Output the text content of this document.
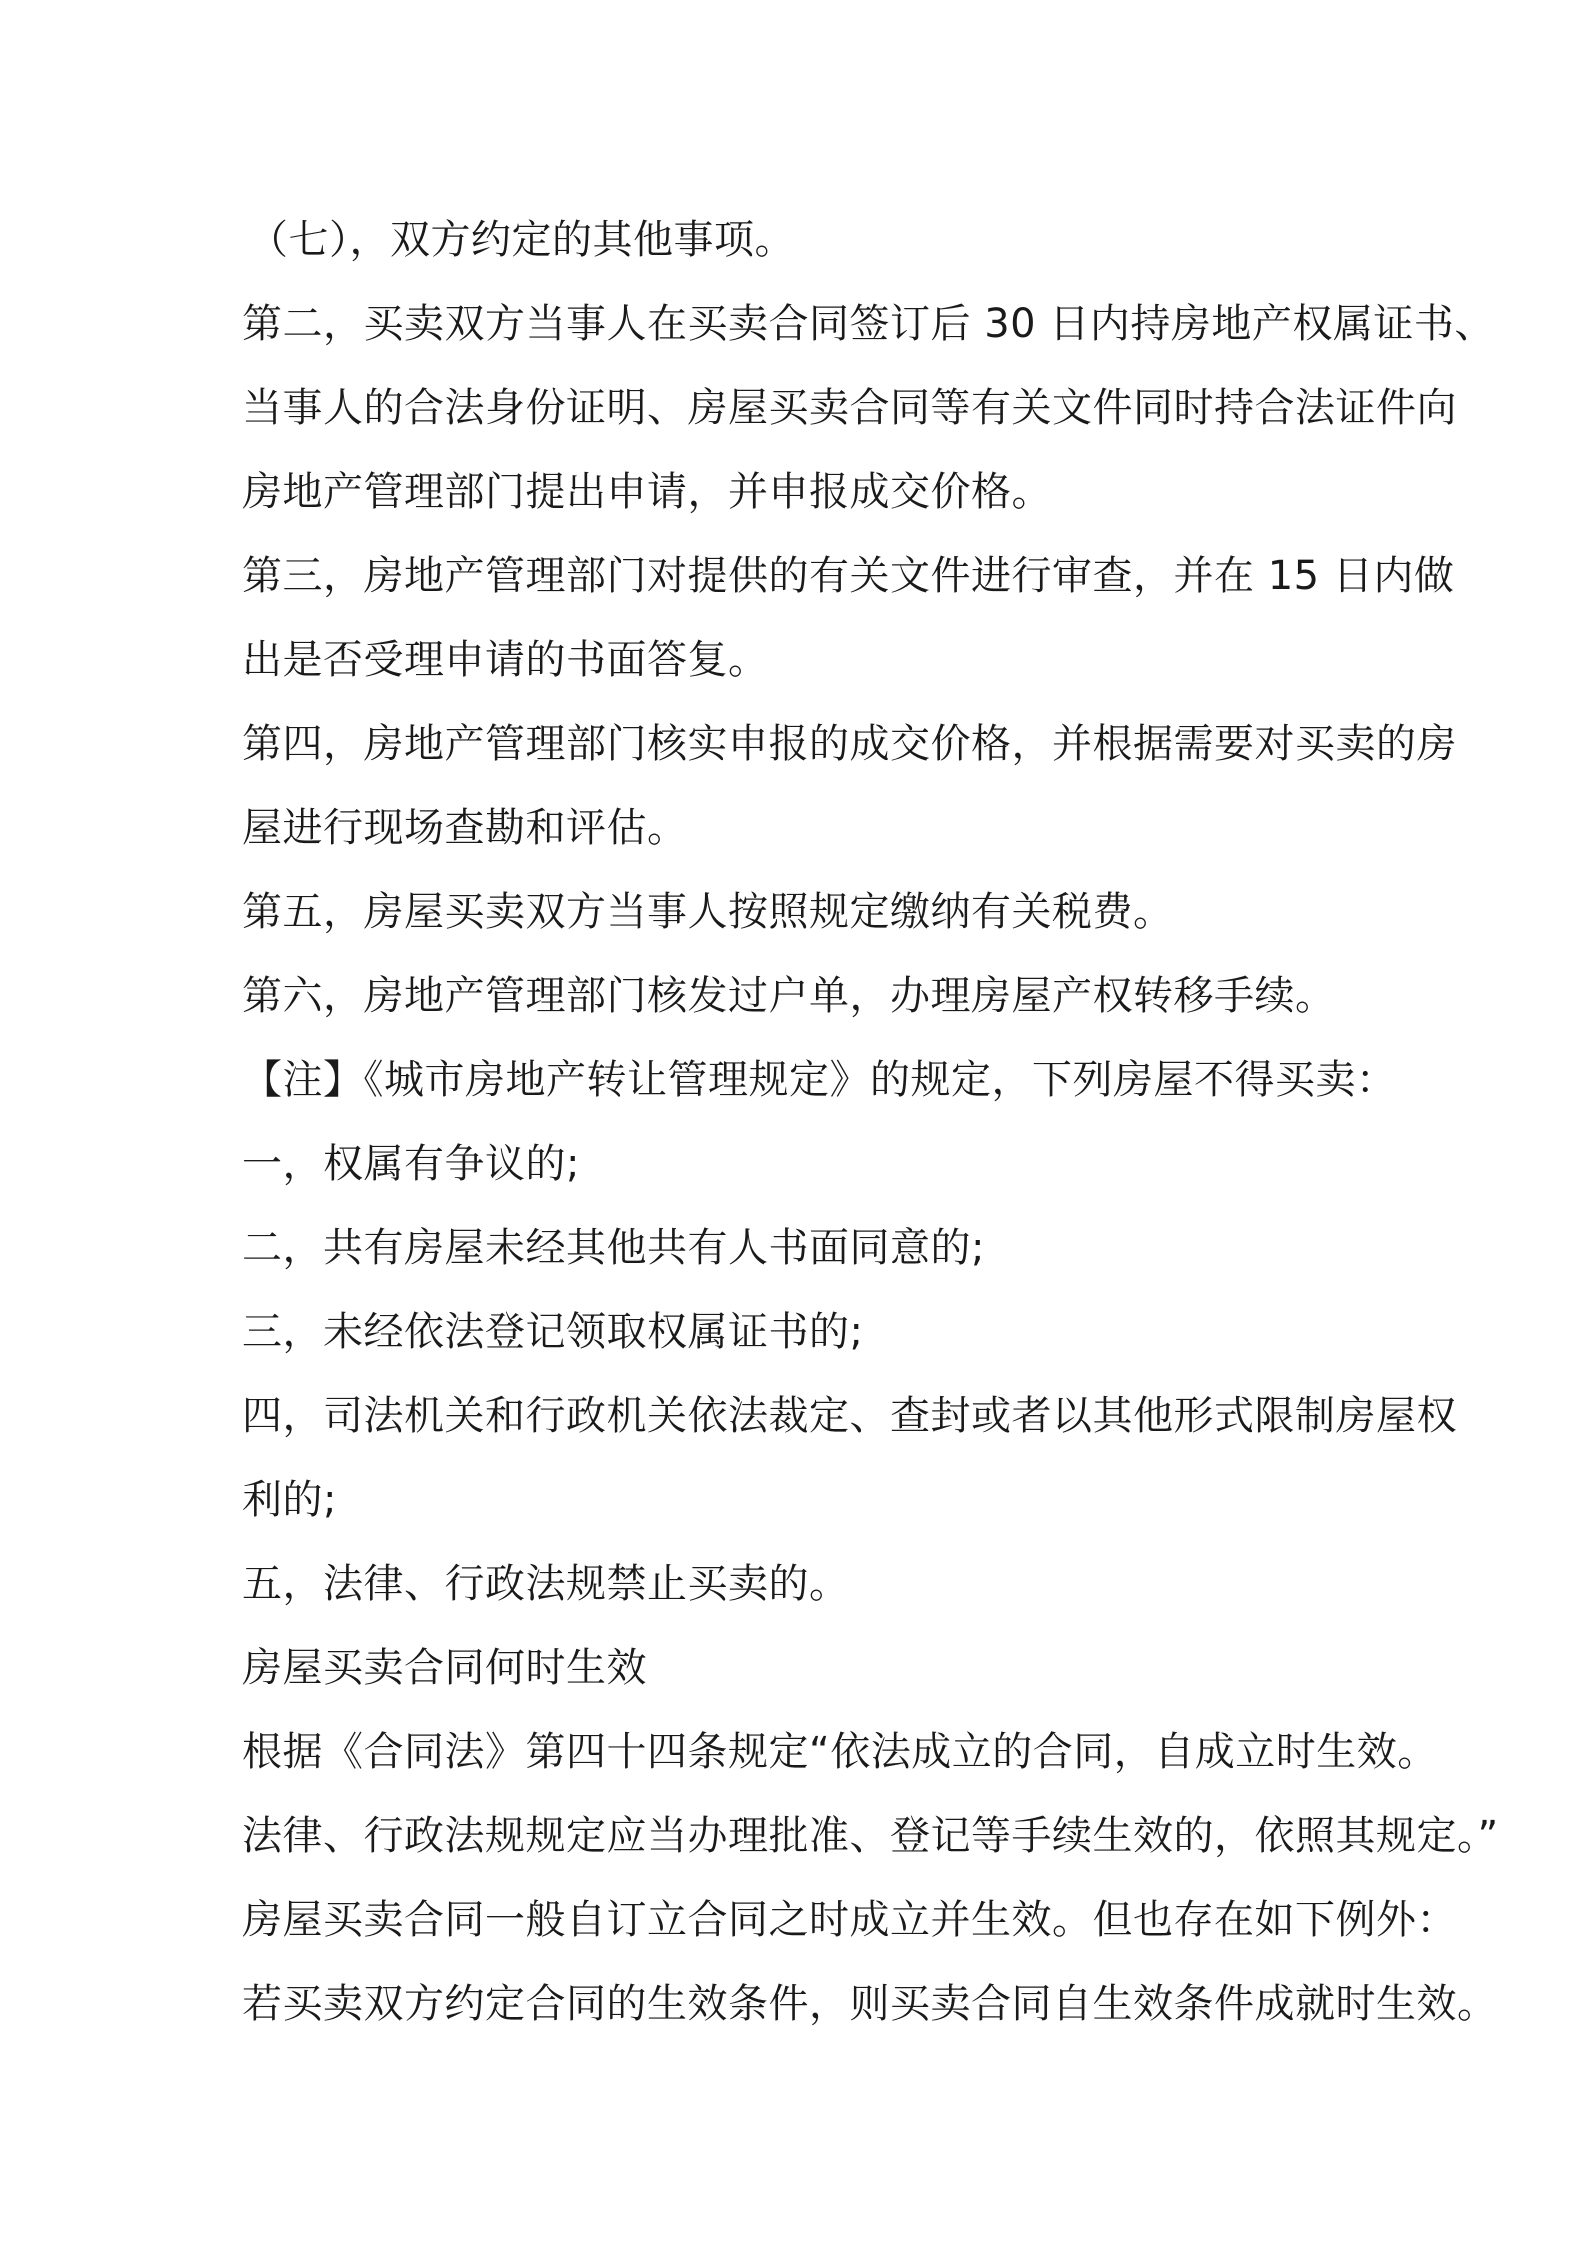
（七），双方约定的其他事项。
第二，买卖双方当事人在买卖合同签订后 30 日内持房地产权属证书、
当事人的合法身份证明、房屋买卖合同等有关文件同时持合法证件向
房地产管理部门提出申请，并申报成交价格。
第三，房地产管理部门对提供的有关文件进行审查，并在 15 日内做
出是否受理申请的书面答复。
第四，房地产管理部门核实申报的成交价格，并根据需要对买卖的房
屋进行现场查勘和评估。
第五，房屋买卖双方当事人按照规定缴纳有关税费。
第六，房地产管理部门核发过户单，办理房屋产权转移手续。
【注】《城市房地产转让管理规定》的规定，下列房屋不得买卖：
一，权属有争议的;
二，共有房屋未经其他共有人书面同意的;
三，未经依法登记领取权属证书的;
四，司法机关和行政机关依法裁定、查封或者以其他形式限制房屋权
利的;
五，法律、行政法规禁止买卖的。
房屋买卖合同何时生效
根据《合同法》第四十四条规定“依法成立的合同，自成立时生效。
法律、行政法规规定应当办理批准、登记等手续生效的，依照其规定。”
房屋买卖合同一般自订立合同之时成立并生效。但也存在如下例外：
若买卖双方约定合同的生效条件，则买卖合同自生效条件成就时生效。
